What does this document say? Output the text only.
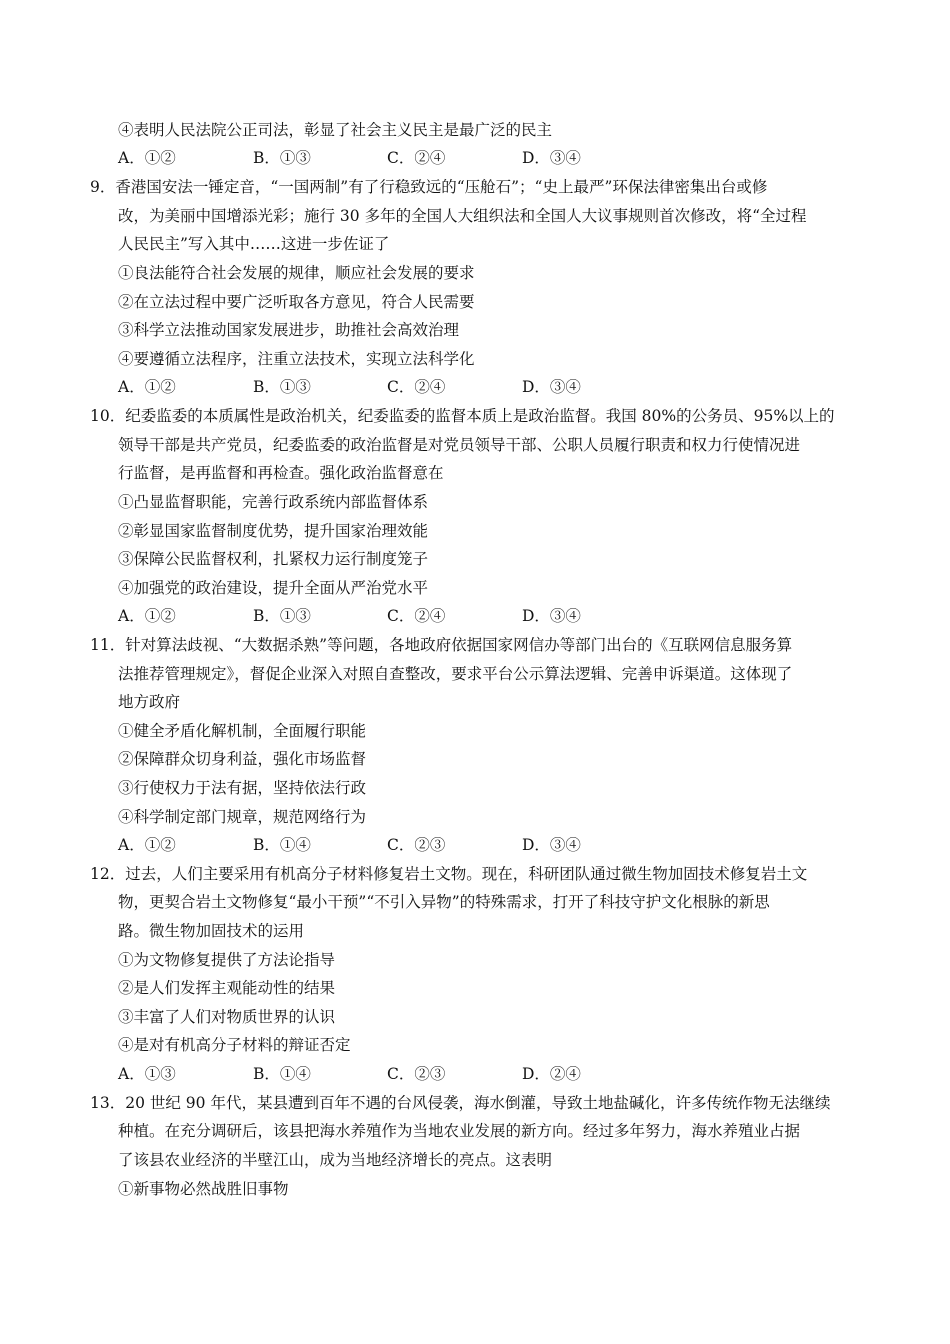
④表明人民法院公正司法，彰显了社会主义民主是最广泛的民主
A．①②	B．①③	C．②④	D．③④
9．香港国安法一锤定音，“一国两制”有了行稳致远的“压舱石”；“史上最严”环保法律密集出台或修
改，为美丽中国增添光彩；施行 30 多年的全国人大组织法和全国人大议事规则首次修改，将“全过程
人民民主”写入其中……这进一步佐证了
①良法能符合社会发展的规律，顺应社会发展的要求
②在立法过程中要广泛听取各方意见，符合人民需要
③科学立法推动国家发展进步，助推社会高效治理
④要遵循立法程序，注重立法技术，实现立法科学化
A．①②	B．①③	C．②④	D．③④
10．纪委监委的本质属性是政治机关，纪委监委的监督本质上是政治监督。我国 80%的公务员、95%以上的
领导干部是共产党员，纪委监委的政治监督是对党员领导干部、公职人员履行职责和权力行使情况进
行监督，是再监督和再检查。强化政治监督意在
①凸显监督职能，完善行政系统内部监督体系
②彰显国家监督制度优势，提升国家治理效能
③保障公民监督权利，扎紧权力运行制度笼子
④加强党的政治建设，提升全面从严治党水平
A．①②	B．①③	C．②④	D．③④
11．针对算法歧视、“大数据杀熟”等问题，各地政府依据国家网信办等部门出台的《互联网信息服务算
法推荐管理规定》，督促企业深入对照自查整改，要求平台公示算法逻辑、完善申诉渠道。这体现了
地方政府
①健全矛盾化解机制，全面履行职能
②保障群众切身利益，强化市场监督
③行使权力于法有据，坚持依法行政
④科学制定部门规章，规范网络行为
A．①②	B．①④	C．②③	D．③④
12．过去，人们主要采用有机高分子材料修复岩土文物。现在，科研团队通过微生物加固技术修复岩土文
物，更契合岩土文物修复“最小干预”“不引入异物”的特殊需求，打开了科技守护文化根脉的新思
路。微生物加固技术的运用
①为文物修复提供了方法论指导
②是人们发挥主观能动性的结果
③丰富了人们对物质世界的认识
④是对有机高分子材料的辩证否定
A．①③	B．①④	C．②③	D．②④
13．20 世纪 90 年代，某县遭到百年不遇的台风侵袭，海水倒灌，导致土地盐碱化，许多传统作物无法继续
种植。在充分调研后，该县把海水养殖作为当地农业发展的新方向。经过多年努力，海水养殖业占据
了该县农业经济的半壁江山，成为当地经济增长的亮点。这表明
①新事物必然战胜旧事物
